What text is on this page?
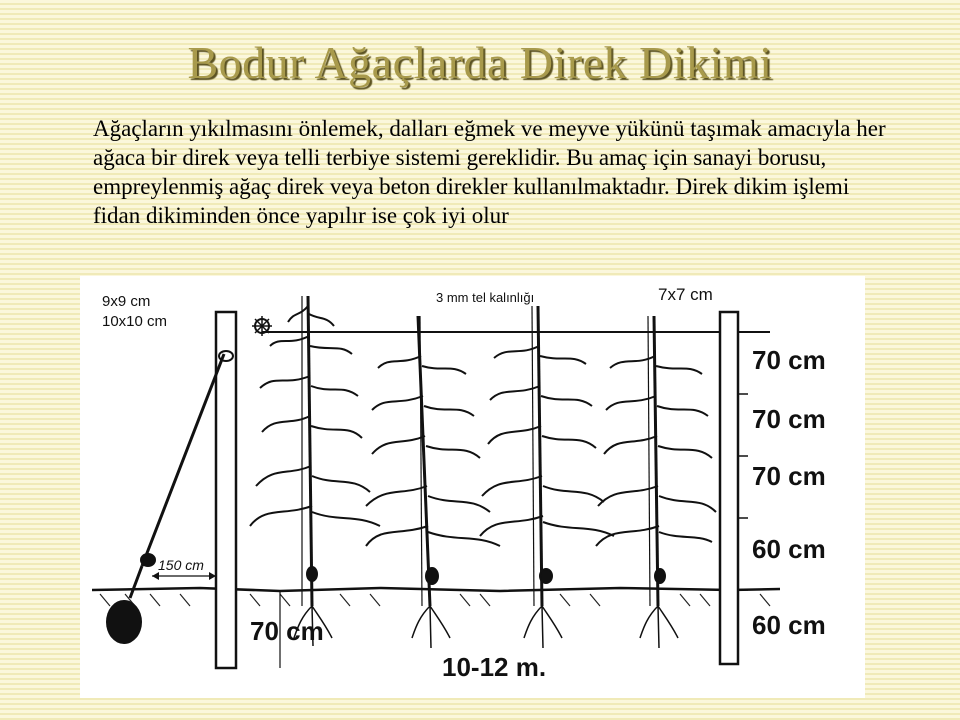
Bodur Ağaçlarda Direk Dikimi
Ağaçların yıkılmasını önlemek, dalları eğmek ve meyve yükünü taşımak amacıyla her ağaca bir direk veya telli terbiye sistemi gereklidir. Bu amaç için sanayi borusu, empreylenmiş ağaç direk veya beton direkler kullanılmaktadır. Direk dikim işlemi fidan dikiminden önce yapılır ise çok iyi olur
9x9 cm
10x10 cm
3 mm tel kalınlığı	7x7 cm
70 cm
70 cm
70 cm
60 cm
60 cm
150 cm
70 cm
10-12 m.
